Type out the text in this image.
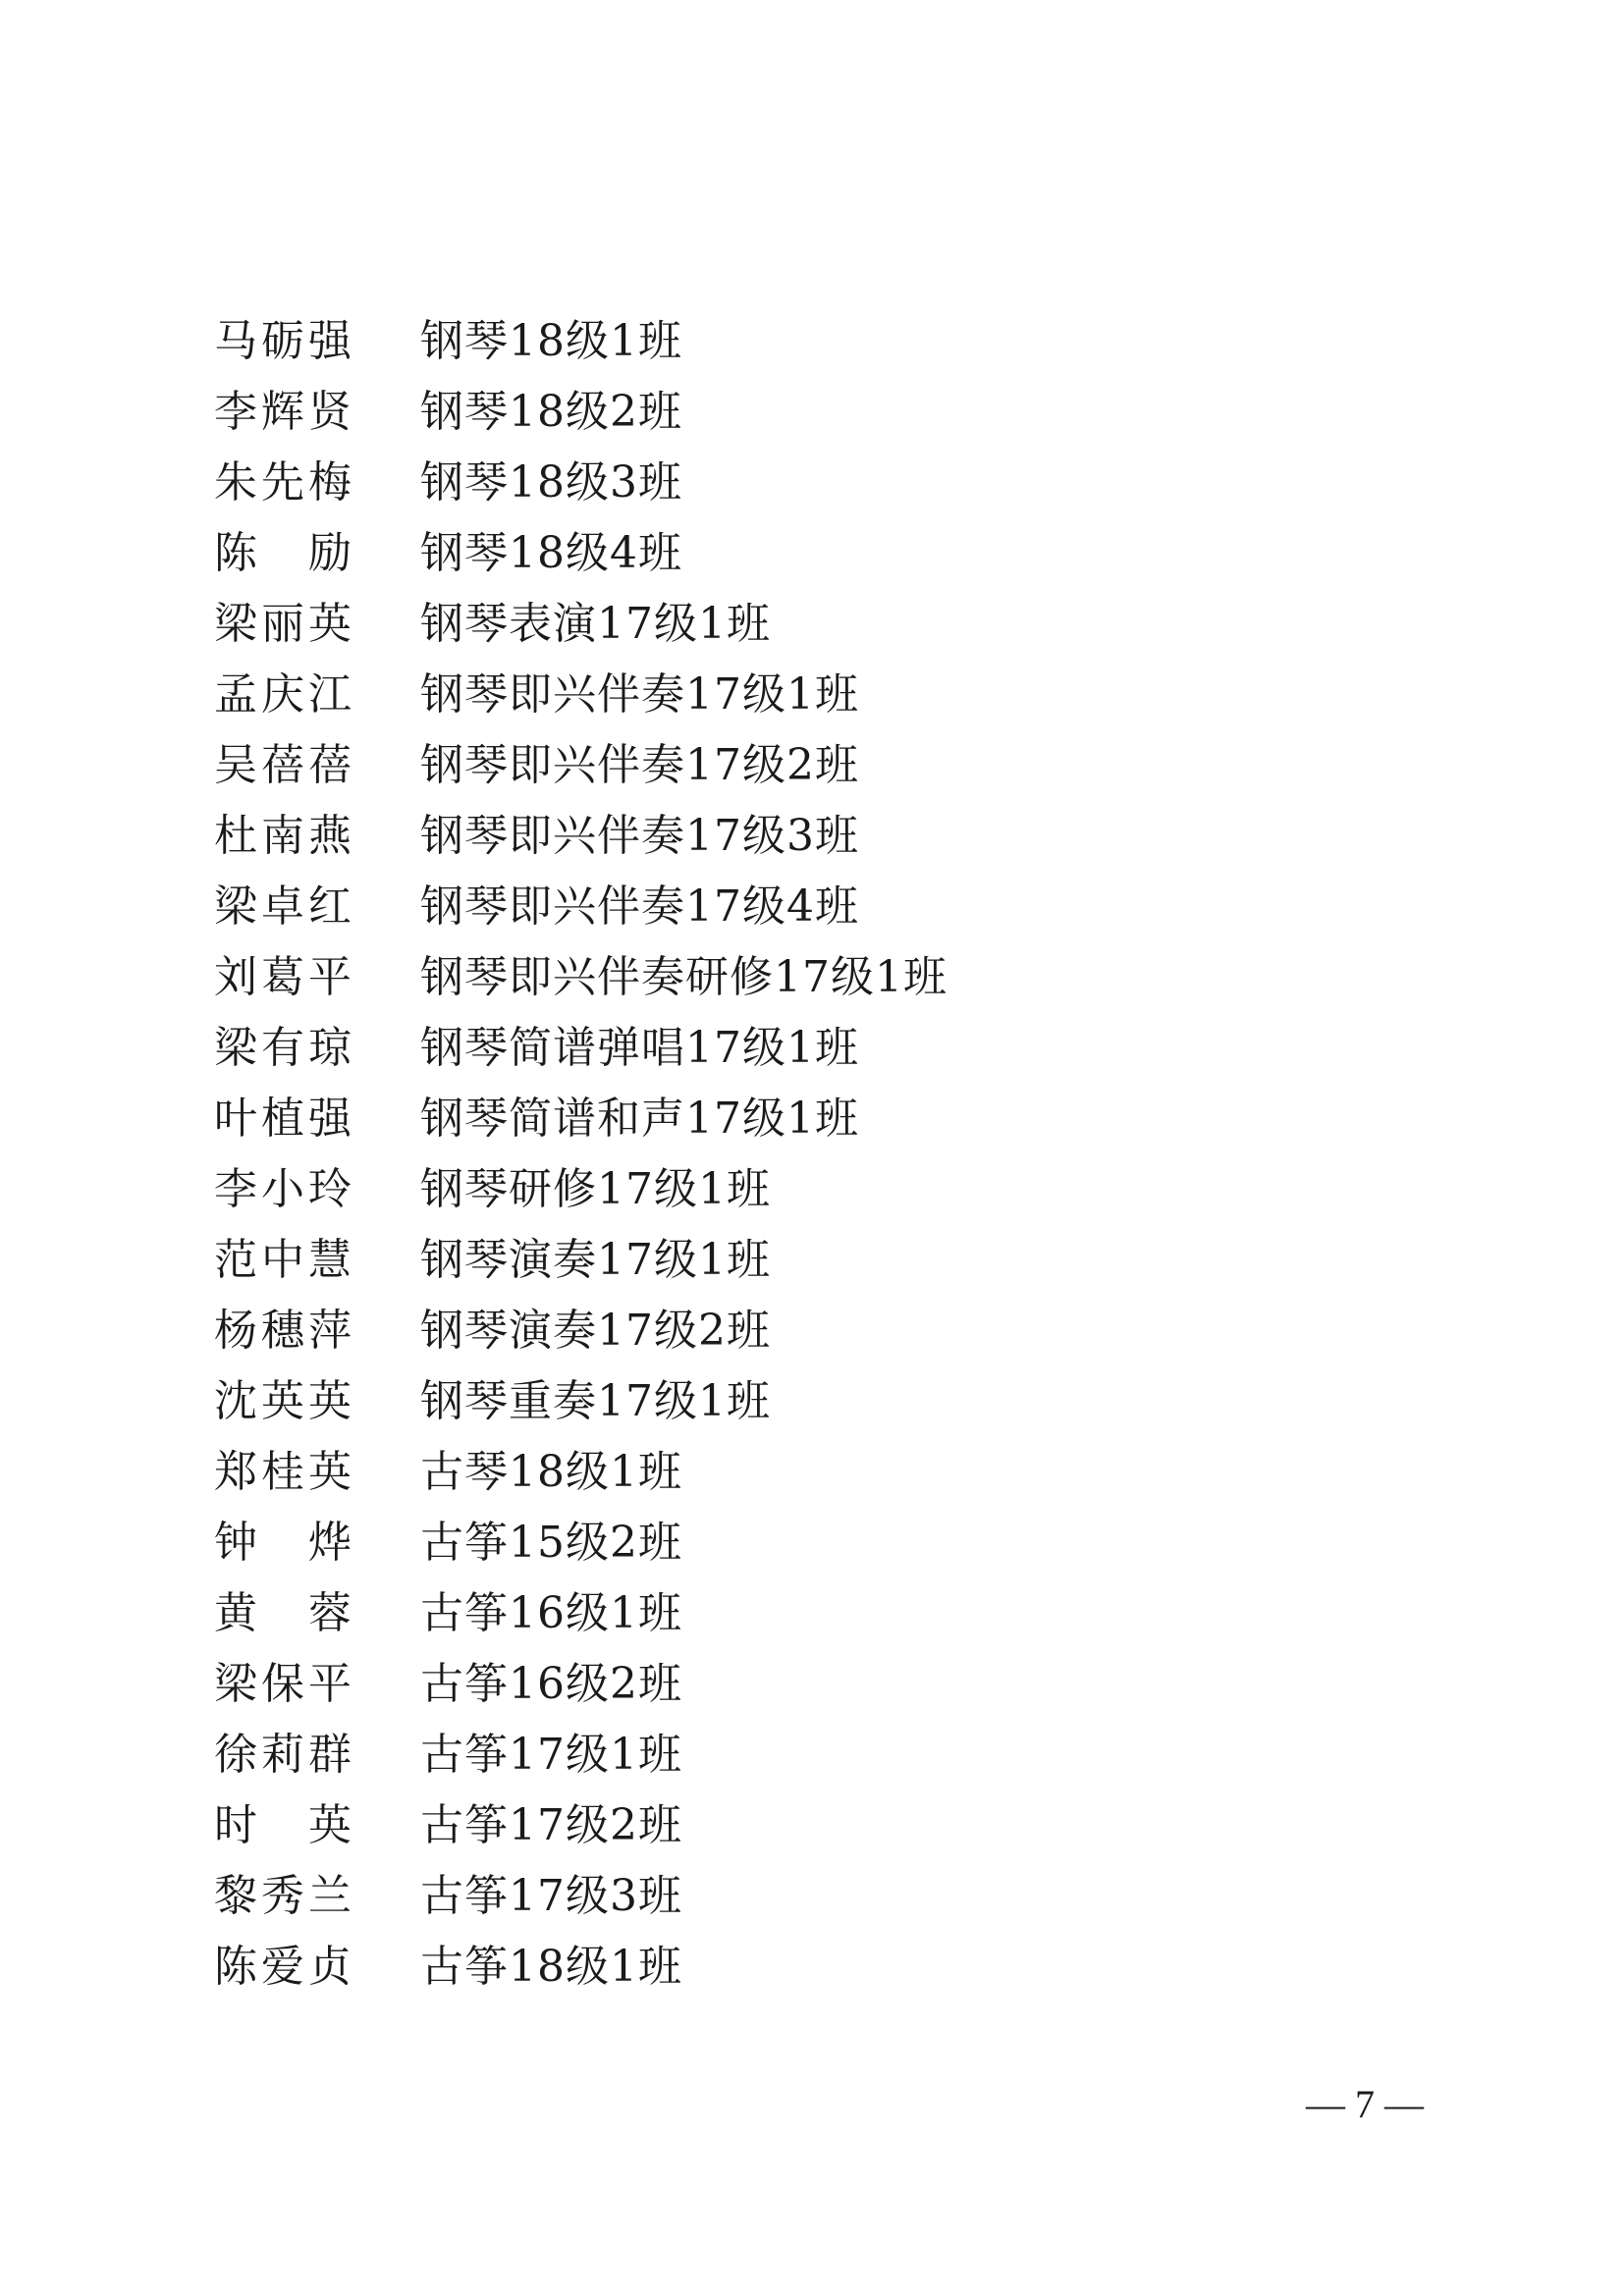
马砺强	钢琴18级1班
李辉贤	钢琴18级2班
朱先梅	钢琴18级3班
陈　励	钢琴18级4班
梁丽英	钢琴表演17级1班
孟庆江	钢琴即兴伴奏17级1班
吴蓓蓓	钢琴即兴伴奏17级2班
杜南燕	钢琴即兴伴奏17级3班
梁卓红	钢琴即兴伴奏17级4班
刘葛平	钢琴即兴伴奏研修17级1班
梁有琼	钢琴简谱弹唱17级1班
叶植强	钢琴简谱和声17级1班
李小玲	钢琴研修17级1班
范中慧	钢琴演奏17级1班
杨穗萍	钢琴演奏17级2班
沈英英	钢琴重奏17级1班
郑桂英	古琴18级1班
钟　烨	古筝15级2班
黄　蓉	古筝16级1班
梁保平	古筝16级2班
徐莉群	古筝17级1班
时　英	古筝17级2班
黎秀兰	古筝17级3班
陈爱贞	古筝18级1班
— 7 —
